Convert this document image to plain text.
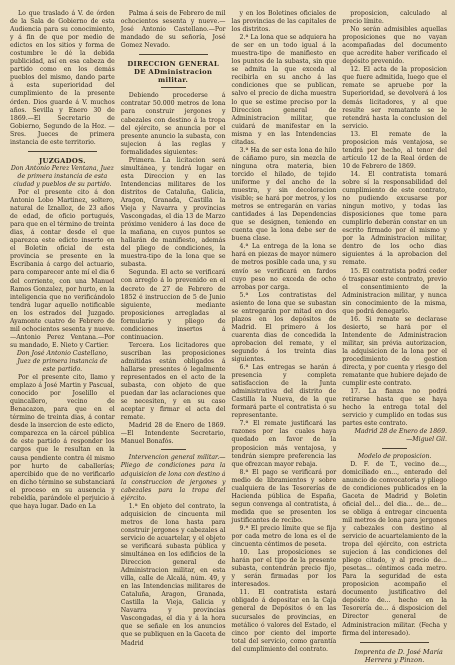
Lo que traslado á V. de órden de la Sala de Gobierno de esta Audiencia para su conocimiento, y á fin de que por medio de edictos en los sitios y forma de costumbre le dé la debida publicidad, así en esa cabeza de partido como en los demás pueblos del mismo, dando parte á esta superioridad del cumplimiento de la presente órden. Dios guarde á V. muchos años. Sevilla y Enero 30 de 1869.—El Secretario de Gobierno, Segundo de la Hoz. —Sres. Jueces de primera instancia de este territorio.

JUZGADOS.

Don Antonio Perez Ventana, Juez de primera instancia de esta ciudad y pueblos de su partido.

Por el presente cito á don Antonio Lobo Martinez, soltero, natural de Iznalloz, de 23 años de edad, de oficio portugués, para que en el término de treinta dias, á contar desde el que aparezca este edicto inserto en el Boletin oficial de esta provincia se presente en la Escribania á cargo del actuario, para comparecer ante mí el dia 6 del corriente, con una Manuel Ramos Gonzalez, por hurto, en la inteligencia que no verificándolo tendrá lugar aquello notificable en los estrados del Juzgado. Ayamonte cuatro de Febrero de mil ochocientos sesenta y nueve. —Antonio Perez Ventana.—Por su mandado, E. Nieto y Cartier.

Don José Antonio Castellano, Juez de primera instancia de este partido.

Por el presente cito, llamo y emplazo á José Martin y Pascual, conocido por Joselillo el quincallero, vecino de Benacazon, para que en el término de treinta dias, á contar desde la insercion de este edicto, comparezca en la cárcel pública de este partido á responder los cargos que le resultan en la causa pendiente contra él mismo por hurto de caballerías; apercibido que de no verificarlo en dicho término se substanciará el proceso en su ausencia y rebeldía, parándole el perjuicio á que haya lugar. Dado en La

Palma á seis de Febrero de mil ochocientos sesenta y nueve.—José Antonio Castellano.—Por mandado de su señoría, José Gomez Nevado.

DIRECCION GENERAL DE ADministracion militar.

Debiendo procederse á contratar 50.000 metros de lona para construir jergones y cabezales con destino á la tropa del ejército, se anuncia por el presente anuncio la subasta, con sujecion á las reglas y formalidades siguientes:

Primera. La licitacion será simultánea, y tendrá lugar en esta Direccion y en las Intendencias militares de los distritos de Cataluña, Galicia, Aragon, Granada, Castilla la Vieja y Navarra y provincias Vascongadas, el dia 13 de Marzo próximo venidero á las doce de la mañana, en cuyos puntos se hallarán de manifiesto, además del pliego de condiciones, la muestra-tipo de la lona que se subasta.

Segunda. El acto se verificará con arreglo á lo prevenido en el decreto de 27 de Febrero de 1852 é instruccion de 5 de Junio siguiente, mediante proposiciones arregladas al formulario y pliego de condiciones insertos á continuacion.

Tercera. Los licitadores que suscriban las proposiciones admitidas están obligados á hallarse presentes ó legalmente representados en el acto de la subasta, con objeto de que puedan dar las aclaraciones que se necesiten, y en su caso aceptar y firmar el acta del remate.

Madrid 28 de Enero de 1869.—El Intendente Secretario, Manuel Bonafós.

Intervencion general militar.—Pliego de condiciones para la adquisicion de lona con destino á la construccion de jergones y cabezales para la tropa del ejército.

1.ª En objeto del contrato, la adquisicion de cincuenta mil metros de lona hasta para construir jergones y cabezales al servicio de acuartelar, y el objeto se verificará subasta pública y simultánea en los edificios de la Direccion general de Administracion militar, en esta villa, calle de Alcalá, núm. 49, y en las Intendencias militares de Cataluña, Aragon, Granada, Castilla la Vieja, Galicia y Navarra y provincias Vascongadas, el dia y á la hora que se señale en los anuncios que se publiquen en la Gaceta de Madrid

y en los Boletines oficiales de las provincias de las capitales de los distritos.

2.ª La lona que se adquiera ha de ser en un todo igual á la muestra-tipo de manifiesto en los puntos de la subasta, sin que se admita la que exceda al recibirla en su ancho á las condiciones que se publican, salvo el precio de dicha muestra lo que se estime preciso por la Direccion general de Administracion militar, que cuidará de manifestar en la misma y en las Intendencias citadas.

3.ª Ha de ser esta lona de hilo de cáñamo puro, sin mezcla de ninguna otra materia, bien torcido el hilado, de tejido uniforme y del ancho de la muestra, y sin decoloracion visible; se hará por metros, y los metros se entregarán en varias cantidades á las Dependencias que se designen, teniendo en cuenta que la lona debe ser de buena clase.

4.ª La entrega de la lona se hará en piezas de mayor número de metros posible cada una, y su envío se verificará en fardos cuyo peso no exceda de ocho arrobas por carga.

5.ª Los contratistas del asiento de lona que se subastan se entregarán por mitad en dos plazos en los depósitos de Madrid. El primero á los cuarenta dias de concedida la aprobacion del remate, y el segundo á los treinta dias siguientes.

6.ª Las entregas se harán á presencia y completa satisfaccion de la Junta administrativa del distrito de Castilla la Nueva, de la que formará parte el contratista ó su representante.

7.ª El remate justificará las razones por las cuales haya quedado en favor de la proposicion más ventajosa, y tendrán siempre preferencia las que ofrezcan mayor rebaja.

8.ª El pago se verificará por medio de libramientos y sobre cualquiera de las Tesorerías de Hacienda pública de España, segun convenga al contratista, á medida que se presenten los justificantes de recibo.

9.ª El precio límite que se fija por cada metro de lona es el de cincuenta céntimos de peseta.

10. Las proposiciones se harán por el tipo de la presente subasta, contendrán precio fijo, y serán firmadas por los interesados.

11. El contratista estará obligado á depositar en la Caja general de Depósitos ó en las sucursales de provincias, en metálico ó valores del Estado, el cinco por ciento del importe total del servicio, como garantía del cumplimiento del contrato.

proposicion, calculado al precio límite.

No serán admisibles aquellas proposiciones que no vayan acompañadas del documento que acredite haber verificado el depósito prevenido.

12. El acta de la proposicion que fuere admitida, luego que el remate se apruebe por la Superioridad, se devolverá á los demás licitadores, y al que resulte ser rematante se le retendrá hasta la conclusion del servicio.

13. El remate de la proposicion más ventajosa, se tendrá por hecho, al tenor del artículo 12 de la Real órden de 10 de Febrero de 1869.

14. El contratista tomará sobre sí la responsabilidad del cumplimiento de este contrato, no pudiendo excusarse por ningun motivo, y todas las disposiciones que tome para cumplirlo deberán constar en un escrito firmado por él mismo y por la Administracion militar, dentro de los ocho dias siguientes á la aprobacion del remate.

15. El contratista podrá ceder ó traspasar este contrato, previo el consentimiento de la Administracion militar, y nunca sin conocimiento de la misma, que podrá denegarlo.

16. Si remate se declarase desierto, se hará por el Intendente de Administracion militar, sin prévia autorizacion, la adquisicion de la lona por el procedimiento de gestion directa, y por cuenta y riesgo del rematante que hubiere dejado de cumplir este contrato.

17. La fianza no podrá retirarse hasta que se haya hecho la entrega total del servicio y cumplido en todas sus partes este contrato.

Madrid 28 de Enero de 1869.—Miguel Gil.

Modelo de proposicion.

D. F. de T., vecino de..., domiciliado en..., enterado del anuncio de convocatoria y pliego de condiciones publicados en la Gaceta de Madrid y Boletin oficial del... del dia... de... de... se obliga á entregar cincuenta mil metros de lona para jergones y cabezales con destino al servicio de acuartelamiento de la tropa del ejército, con estricta sujecion á las condiciones del pliego citado, y al precio de... pesetas... céntimos cada metro. Para la seguridad de esta proposicion acompaño el documento justificativo del depósito de... hecho en la Tesorería de... á disposicion del Director general de Administracion militar. (Fecha y firma del interesado).

Imprenta de D. José María Herrera y Pinzon.
